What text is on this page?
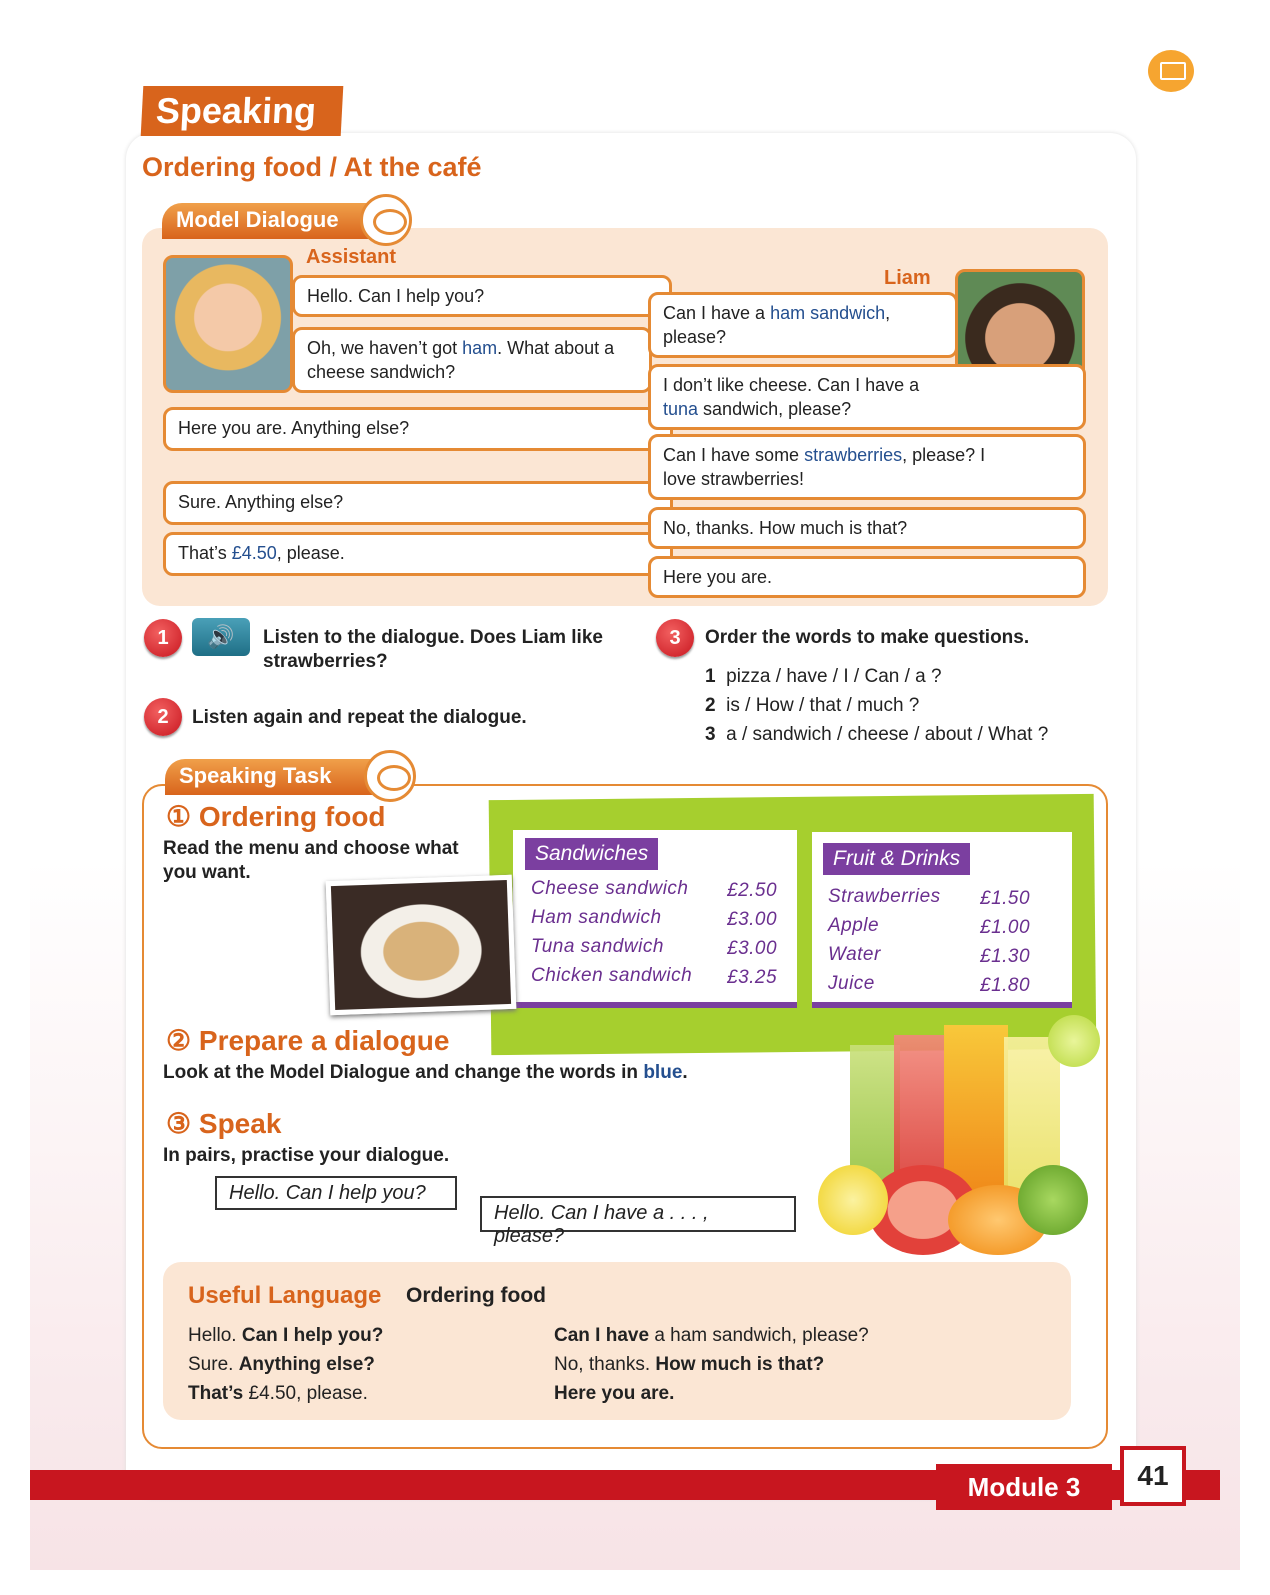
Speaking
Ordering food / At the café
Model Dialogue
Assistant
Liam
Hello. Can I help you?
Oh, we haven’t got ham. What about a cheese sandwich?
Here you are. Anything else?
Sure. Anything else?
That’s £4.50, please.
Can I have a ham sandwich, please?
I don’t like cheese. Can I have a tuna sandwich, please?
Can I have some strawberries, please? I love strawberries!
No, thanks. How much is that?
Here you are.
1	🔊	Listen to the dialogue. Does Liam like strawberries?
2	Listen again and repeat the dialogue.
3	Order the words to make questions.
1 pizza / have / I / Can / a ?
2 is / How / that / much ?
3 a / sandwich / cheese / about / What ?
Speaking Task
① Ordering food
Read the menu and choose what you want.
Sandwiches
Cheese sandwich £2.50
Ham sandwich	£3.00
Tuna sandwich	£3.00
Chicken sandwich £3.25
Fruit & Drinks
Strawberries £1.50
Apple	£1.00
Water	£1.30
Juice	£1.80
② Prepare a dialogue
Look at the Model Dialogue and change the words in blue.
③ Speak
In pairs, practise your dialogue.
Hello. Can I help you?
Hello. Can I have a . . . , please?
Useful Language Ordering food
Hello. Can I help you?
Sure. Anything else?
That’s £4.50, please.
Can I have a ham sandwich, please?
No, thanks. How much is that?
Here you are.
Module 3	41
